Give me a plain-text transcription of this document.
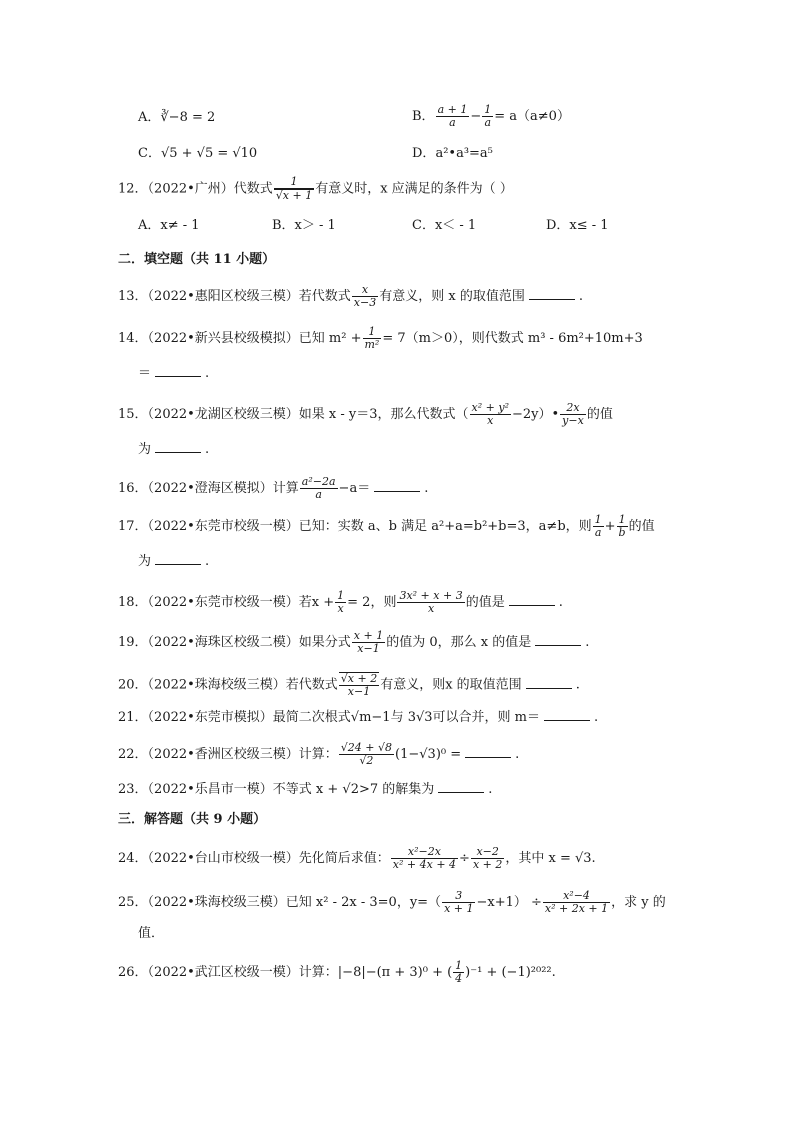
A．∛−8 = 2	B． $\frac{a + 1}{a} - \frac{1}{a} = a(a\ne 0)$
C．√5 + √5 = √10	D．a²•a³=a⁵
12．（2022•广州）代数式 $\frac{1}{√x + 1}$ 有意义时，x 应满足的条件为（ ）
A．x≠ - 1	B．x＞ - 1	C．x＜ - 1	D．x≤ - 1
二．填空题（共 11 小题）
13．（2022•惠阳区校级三模）若代数式 $\frac{x}{x-3}$ 有意义，则 x 的取值范围	.
14．（2022•新兴县校级模拟）已知 $m^2 + \frac{1}{\text{m²}} = 7(m>0)$，则代数式 m³ - 6m²+10m+3
＝	.
15．（2022•龙湖区校级三模）如果 x - y＝3，那么代数式（ $\frac{\text{x² + y²}}{x}$ −2y）• $\frac{2x}{y-x}$ 的值
为	.
16．（2022•澄海区模拟）计算 $\frac{\text{a²−2a}}{a} -a=$	.
17．（2022•东莞市校级一模）已知：实数 a、b 满足 a²+a=b²+b=3，a≠b，则 $\frac{1}{a} + \frac{1}{b}$ 的值
为	.
18．（2022•东莞市校级一模）若$x + \frac{1}{x} = 2$，则 $\frac{\text{3x² + x + 3}}{x}$ 的值是	.
19．（2022•海珠区校级二模）如果分式 $\frac{x + 1}{x-1}$ 的值为 0，那么 x 的值是	.
20．（2022•珠海校级三模）若代数式 $\frac{√x + 2}{x-1}$ 有意义，则x 的取值范围	.
21．（2022•东莞市模拟）最简二次根式√m−1与 3√3可以合并，则 m＝	.
22．（2022•香洲区校级三模）计算： $\frac{√24 + √8}{√2} (1-√3)^0$ =	.
23．（2022•乐昌市一模）不等式 x + √2>7 的解集为	.
三．解答题（共 9 小题）
24．（2022•台山市校级一模）先化简后求值： $\frac{\text{x²−2x}}{\text{x² + 4x + 4}} \div \frac{x-2}{x + 2}$ ，其中 x = √3.
25．（2022•珠海校级三模）已知 x² - 2x - 3=0，$y=( \frac{3}{x + 1} -x+1) \div \frac{\text{x²−4}}{\text{x² + 2x + 1}}$ ，求 y 的
值．
26．（2022•武江区校级一模）计算：|−8|−(π + 3)⁰ + ( $\frac{1}{4} )^{-1} + (-1)^{2022}$.
